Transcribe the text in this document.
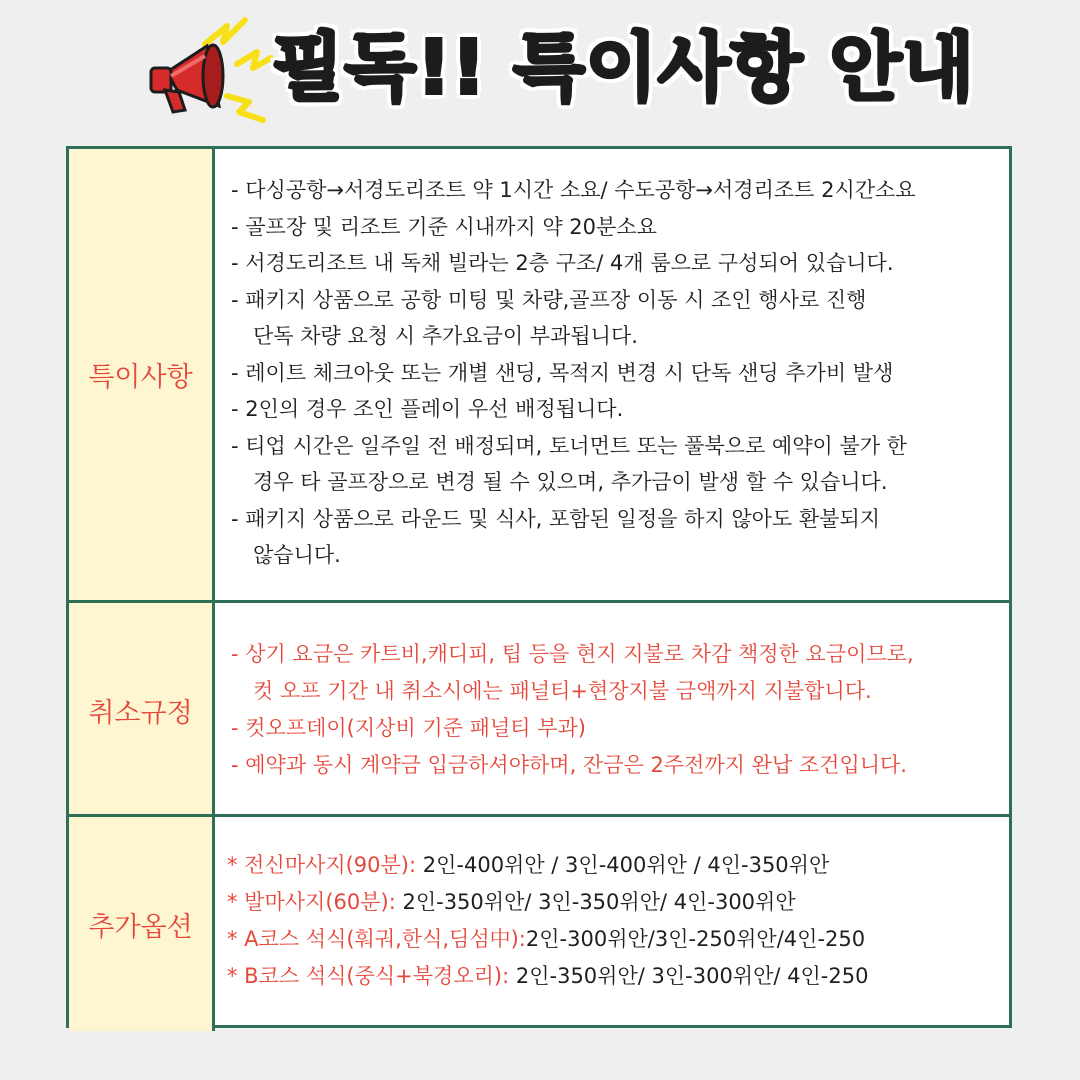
필독!! 특이사항 안내
특이사항
- 다싱공항→서경도리조트 약 1시간 소요/ 수도공항→서경리조트 2시간소요
- 골프장 및 리조트 기준 시내까지 약 20분소요
- 서경도리조트 내 독채 빌라는 2층 구조/ 4개 룸으로 구성되어 있습니다.
- 패키지 상품으로 공항 미팅 및 차량,골프장 이동 시 조인 행사로 진행
단독 차량 요청 시 추가요금이 부과됩니다.
- 레이트 체크아웃 또는 개별 샌딩, 목적지 변경 시 단독 샌딩 추가비 발생
- 2인의 경우 조인 플레이 우선 배정됩니다.
- 티업 시간은 일주일 전 배정되며, 토너먼트 또는 풀북으로 예약이 불가 한
경우 타 골프장으로 변경 될 수 있으며, 추가금이 발생 할 수 있습니다.
- 패키지 상품으로 라운드 및 식사, 포함된 일정을 하지 않아도 환불되지
않습니다.
취소규정
- 상기 요금은 카트비,캐디피, 팁 등을 현지 지불로 차감 책정한 요금이므로,
컷 오프 기간 내 취소시에는 패널티+현장지불 금액까지 지불합니다.
- 컷오프데이(지상비 기준 패널티 부과)
- 예약과 동시 계약금 입금하셔야하며, 잔금은 2주전까지 완납 조건입니다.
추가옵션
* 전신마사지(90분): 2인-400위안 / 3인-400위안 / 4인-350위안
* 발마사지(60분): 2인-350위안/ 3인-350위안/ 4인-300위안
* A코스 석식(훠궈,한식,딤섬中):2인-300위안/3인-250위안/4인-250
* B코스 석식(중식+북경오리): 2인-350위안/ 3인-300위안/ 4인-250
